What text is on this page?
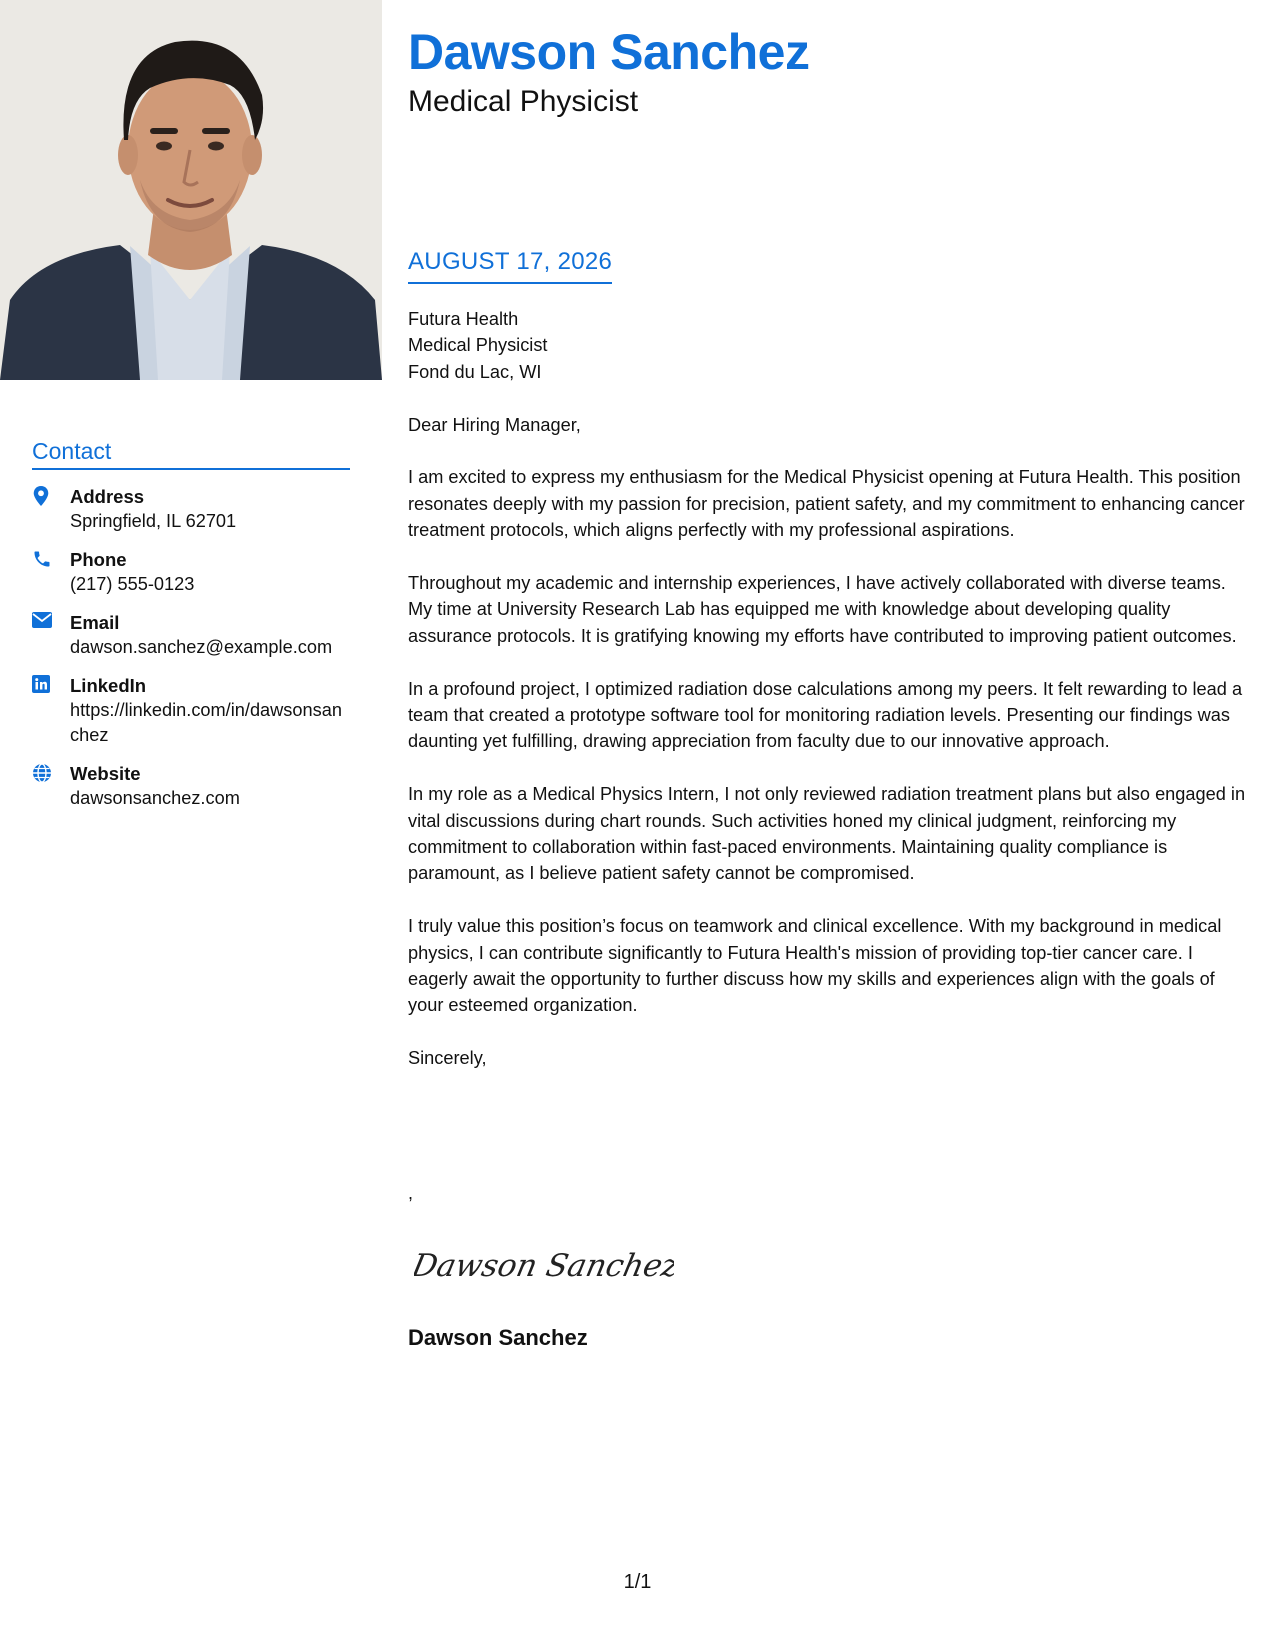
Dawson Sanchez
Medical Physicist
AUGUST 17, 2026
Futura Health
Medical Physicist
Fond du Lac, WI

Dear Hiring Manager,

I am excited to express my enthusiasm for the Medical Physicist opening at Futura Health. This position resonates deeply with my passion for precision, patient safety, and my commitment to enhancing cancer treatment protocols, which aligns perfectly with my professional aspirations.

Throughout my academic and internship experiences, I have actively collaborated with diverse teams. My time at University Research Lab has equipped me with knowledge about developing quality assurance protocols. It is gratifying knowing my efforts have contributed to improving patient outcomes.

In a profound project, I optimized radiation dose calculations among my peers. It felt rewarding to lead a team that created a prototype software tool for monitoring radiation levels. Presenting our findings was daunting yet fulfilling, drawing appreciation from faculty due to our innovative approach.

In my role as a Medical Physics Intern, I not only reviewed radiation treatment plans but also engaged in vital discussions during chart rounds. Such activities honed my clinical judgment, reinforcing my commitment to collaboration within fast-paced environments. Maintaining quality compliance is paramount, as I believe patient safety cannot be compromised.

I truly value this position’s focus on teamwork and clinical excellence. With my background in medical physics, I can contribute significantly to Futura Health's mission of providing top-tier cancer care. I eagerly await the opportunity to further discuss how my skills and experiences align with the goals of your esteemed organization.

Sincerely,

,
Dawson Sanchez
Dawson Sanchez
Contact
Address
Springfield, IL 62701
Phone
(217) 555-0123
Email
dawson.sanchez@example.com
LinkedIn
https://linkedin.com/in/dawsonsanchez
Website
dawsonsanchez.com
1/1
